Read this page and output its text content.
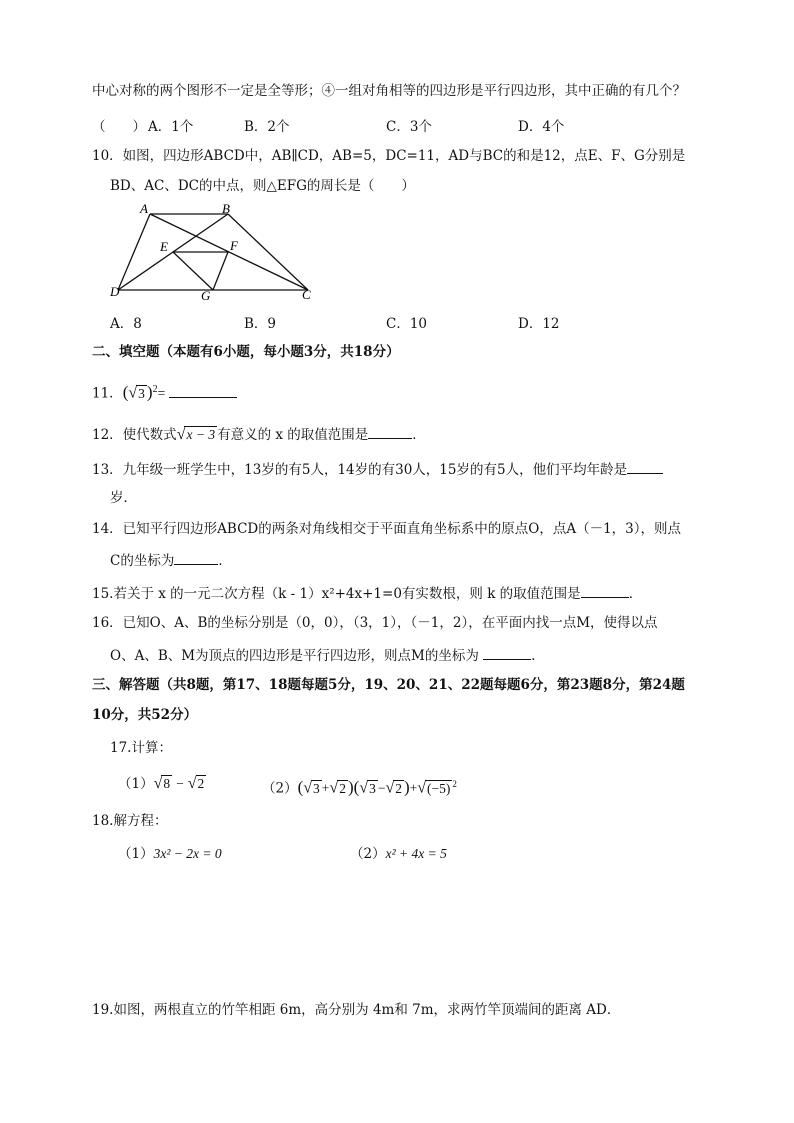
中心对称的两个图形不一定是全等形；④一组对角相等的四边形是平行四边形，其中正确的有几个？
（　　） A．1个	B．2个	C．3个	D．4个
10．如图，四边形ABCD中，AB∥CD，AB=5，DC=11，AD与BC的和是12，点E、F、G分别是
BD、AC、DC的中点，则△EFG的周长是（　　）
A	B
D	C
E	F
G
A．8	B．9	C．10	D．12
二、填空题（本题有6小题，每小题3分，共18分）
11．(√3 )$^2$=
12．使代数式√x − 3 有意义的 x 的取值范围是	．
13．九年级一班学生中，13岁的有5人，14岁的有30人，15岁的有5人，他们平均年龄是
岁．
14．已知平行四边形ABCD的两条对角线相交于平面直角坐标系中的原点O，点A（－1，3），则点
C的坐标为	．
15.若关于 x 的一元二次方程（k - 1）x²+4x+1=0有实数根，则 k 的取值范围是	．
16．已知O、A、B的坐标分别是（0，0），（3，1），（－1，2），在平面内找一点M，使得以点
O、A、B、M为顶点的四边形是平行四边形，则点M的坐标为	．
三、解答题（共8题，第17、18题每题5分，19、20、21、22题每题6分，第23题8分，第24题
10分，共52分）
17.计算：
（1）√8 − √2	（2）(√3 +√2 )(√3 −√2 )+√(−5) $^2$
18.解方程：
（1）3x² − 2x = 0	（2）x² + 4x = 5
19.如图，两根直立的竹竿相距 6m，高分别为 4m和 7m，求两竹竿顶端间的距离 AD．
